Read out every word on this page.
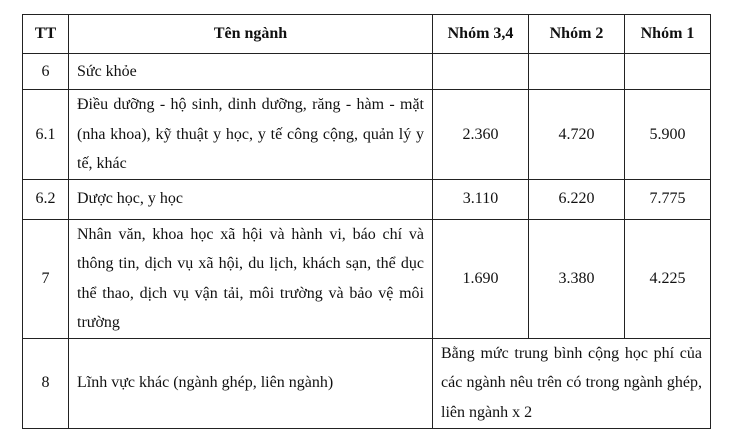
TT	Tên ngành	Nhóm 3,4	Nhóm 2	Nhóm 1
6	Sức khỏe			
6.1	Điều dưỡng - hộ sinh, dinh dưỡng, răng - hàm - mặt (nha khoa), kỹ thuật y học, y tế công cộng, quản lý y tế, khác	2.360	4.720	5.900
6.2	Dược học, y học	3.110	6.220	7.775
7	Nhân văn, khoa học xã hội và hành vi, báo chí và thông tin, dịch vụ xã hội, du lịch, khách sạn, thể dục thể thao, dịch vụ vận tải, môi trường và bảo vệ môi trường	1.690	3.380	4.225
8	Lĩnh vực khác (ngành ghép, liên ngành)	Bằng mức trung bình cộng học phí của các ngành nêu trên có trong ngành ghép, liên ngành x 2		
